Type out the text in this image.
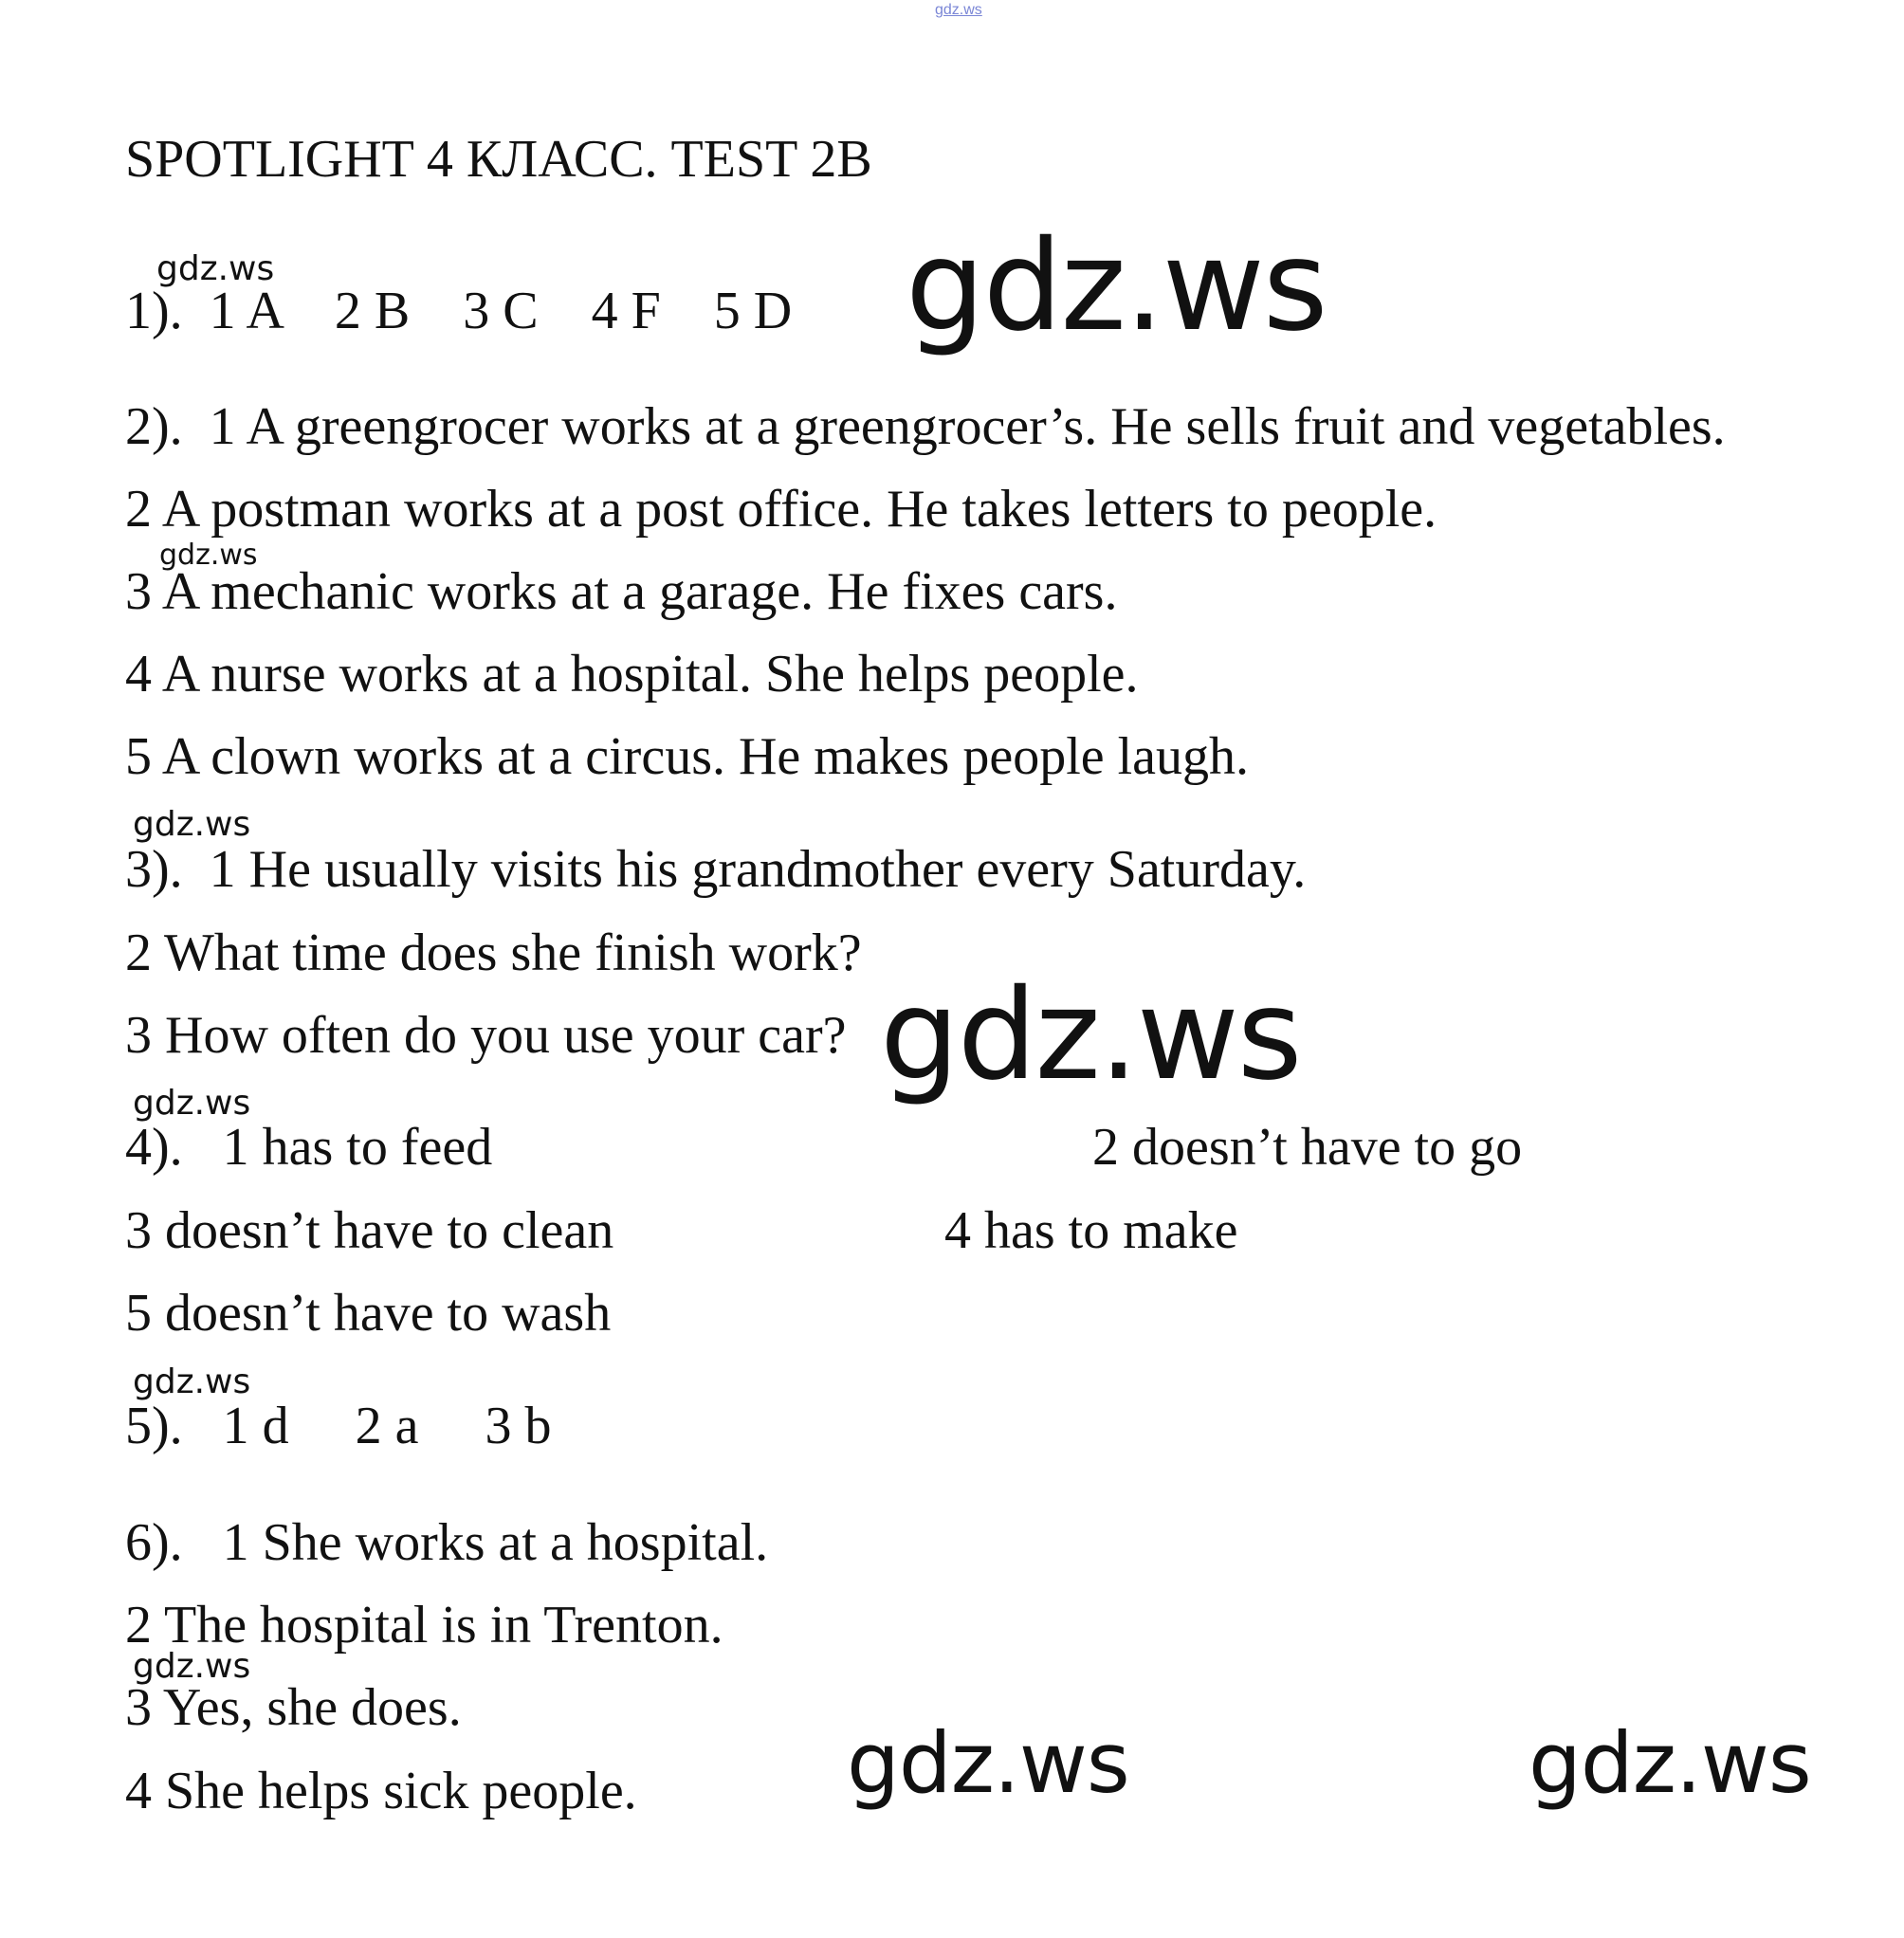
gdz.ws
SPOTLIGHT 4 КЛАСС. TEST 2B
gdz.ws
1).  1 A    2 B    3 C    4 F    5 D gdz.ws
2).  1 A greengrocer works at a greengrocer’s. He sells fruit and vegetables.
2 A postman works at a post office. He takes letters to people.
gdz.ws
3 A mechanic works at a garage. He fixes cars.
4 A nurse works at a hospital. She helps people.
5 A clown works at a circus. He makes people laugh.
gdz.ws
3).  1 He usually visits his grandmother every Saturday.
2 What time does she finish work?
3 How often do you use your car? gdz.ws
gdz.ws
4).   1 has to feed	2 doesn’t have to go
3 doesn’t have to clean	4 has to make
5 doesn’t have to wash
gdz.ws
5).   1 d     2 a     3 b
6).   1 She works at a hospital.
2 The hospital is in Trenton.
gdz.ws
3 Yes, she does.
4 She helps sick people.	gdz.ws	gdz.ws
